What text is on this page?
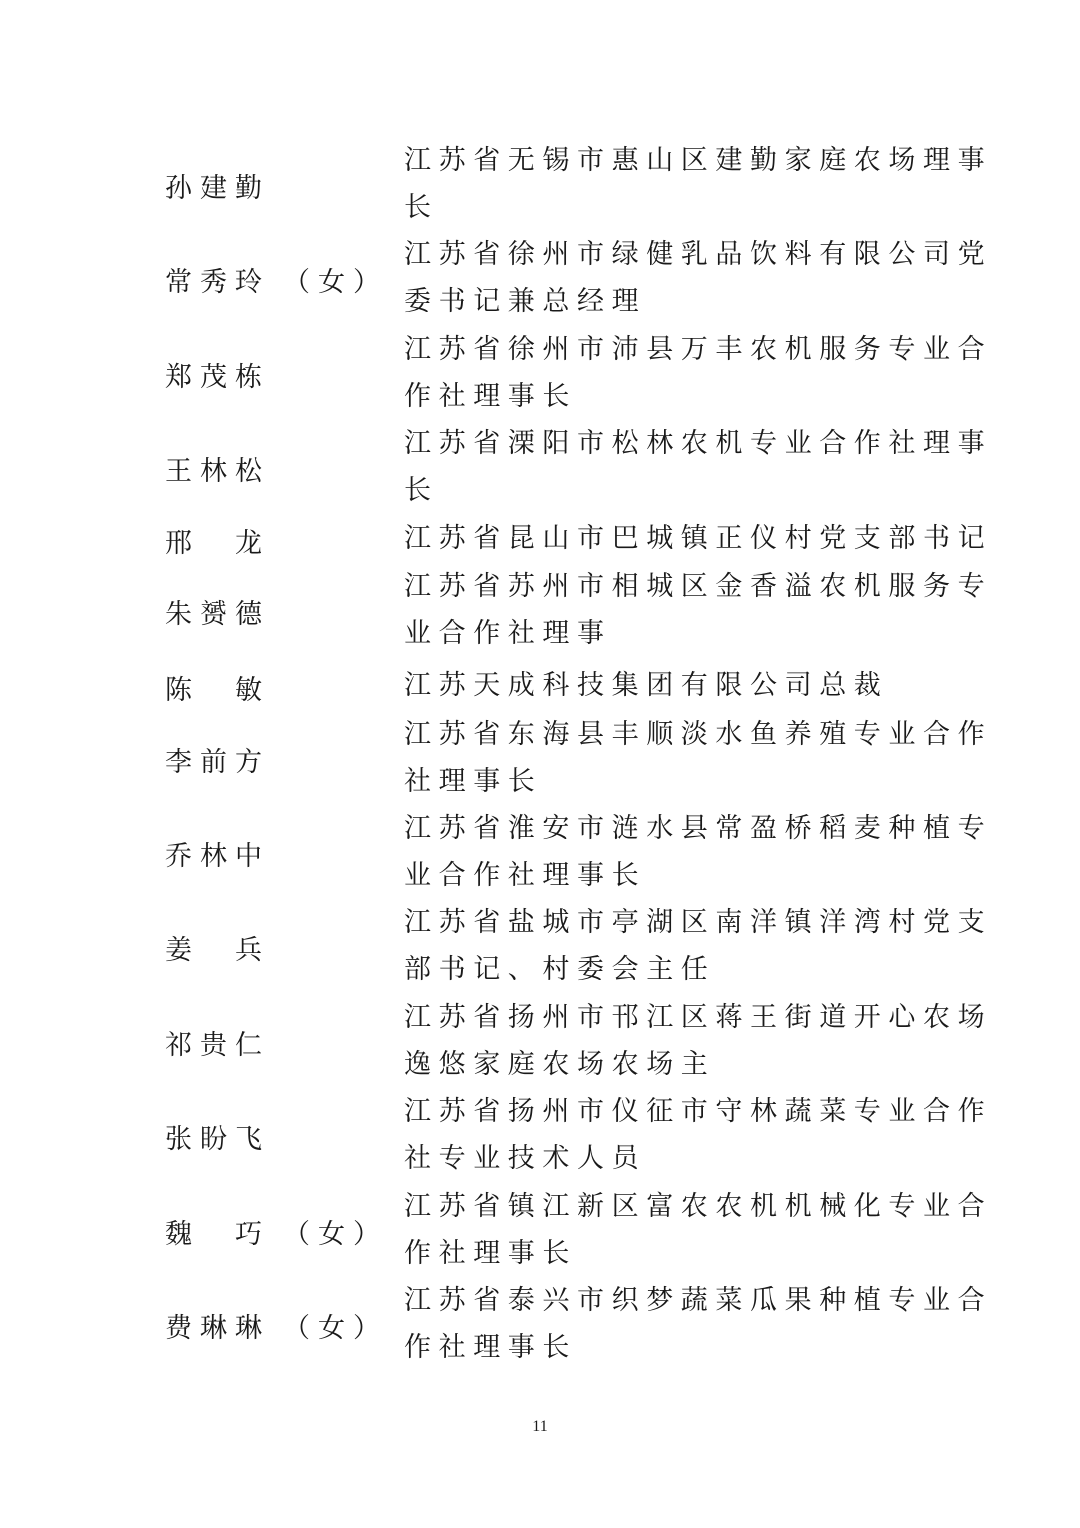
孙建勤
江苏省无锡市惠山区建勤家庭农场理事
长
常秀玲 （女）
江苏省徐州市绿健乳品饮料有限公司党
委书记兼总经理
郑茂栋
江苏省徐州市沛县万丰农机服务专业合
作社理事长
王林松
江苏省溧阳市松林农机专业合作社理事
长
邢　龙	江苏省昆山市巴城镇正仪村党支部书记
朱赟德
江苏省苏州市相城区金香溢农机服务专
业合作社理事
陈　敏	江苏天成科技集团有限公司总裁
李前方
江苏省东海县丰顺淡水鱼养殖专业合作
社理事长
乔林中
江苏省淮安市涟水县常盈桥稻麦种植专
业合作社理事长
姜　兵
江苏省盐城市亭湖区南洋镇洋湾村党支
部书记、村委会主任
祁贵仁
江苏省扬州市邗江区蒋王街道开心农场
逸悠家庭农场农场主
张盼飞
江苏省扬州市仪征市守林蔬菜专业合作
社专业技术人员
魏　巧 （女）
江苏省镇江新区富农农机机械化专业合
作社理事长
费琳琳 （女）
江苏省泰兴市织梦蔬菜瓜果种植专业合
作社理事长
11
